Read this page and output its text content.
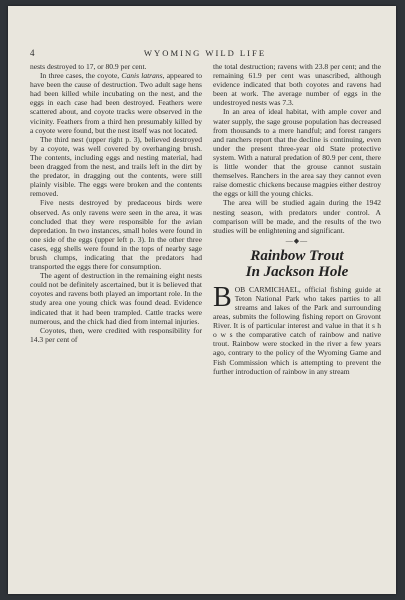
4	WYOMING WILD LIFE

nests destroyed to 17, or 80.9 per cent.

In three cases, the coyote, Canis latrans, appeared to have been the cause of destruction. Two adult sage hens had been killed while incubating on the nest, and the eggs in each case had been destroyed. Feathers were scattered about, and coyote tracks were observed in the vicinity. Feathers from a third hen presumably killed by a coyote were found, but the nest itself was not located.

The third nest (upper right p. 3), believed destroyed by a coyote, was well covered by overhanging brush. The contents, including eggs and nesting material, had been dragged from the nest, and trails left in the dirt by the predator, in dragging out the contents, were still plainly visible. The eggs were broken and the contents removed.

Five nests destroyed by predaceous birds were observed. As only ravens were seen in the area, it was concluded that they were responsible for the avian depredation. In two instances, small holes were found in one side of the eggs (upper left p. 3). In the other three cases, egg shells were found in the tops of nearby sage brush clumps, indicating that the predators had transported the eggs there for consumption.

The agent of destruction in the remaining eight nests could not be definitely ascertained, but it is believed that coyotes and ravens both played an important role. In the study area one young chick was found dead. Evidence indicated that it had been trampled. Cattle tracks were numerous, and the chick had died from internal injuries.

Coyotes, then, were credited with responsibility for 14.3 per cent of

the total destruction; ravens with 23.8 per cent; and the remaining 61.9 per cent was unascribed, although evidence indicated that both coyotes and ravens had been at work. The average number of eggs in the undestroyed nests was 7.3.

In an area of ideal habitat, with ample cover and water supply, the sage grouse population has decreased from thousands to a mere handful; and forest rangers and ranchers report that the decline is continuing, even under the present three-year old State protective system. With a natural predation of 80.9 per cent, there is little wonder that the grouse cannot sustain themselves. Ranchers in the area say they cannot even raise domestic chickens because magpies either destroy the eggs or kill the young chicks.

The area will be studied again during the 1942 nesting season, with predators under control. A comparison will be made, and the results of the two studies will be enlightening and significant.

—◆—
Rainbow Trout
In Jackson Hole

BOB CARMICHAEL, official fishing guide at Teton National Park who takes parties to all streams and lakes of the Park and surrounding areas, submits the following fishing report on Grovont River. It is of particular interest and value in that it s h o w s the comparative catch of rainbow and native trout. Rainbow were stocked in the river a few years ago, contrary to the policy of the Wyoming Game and Fish Commission which is attempting to prevent the further introduction of rainbow in any stream
